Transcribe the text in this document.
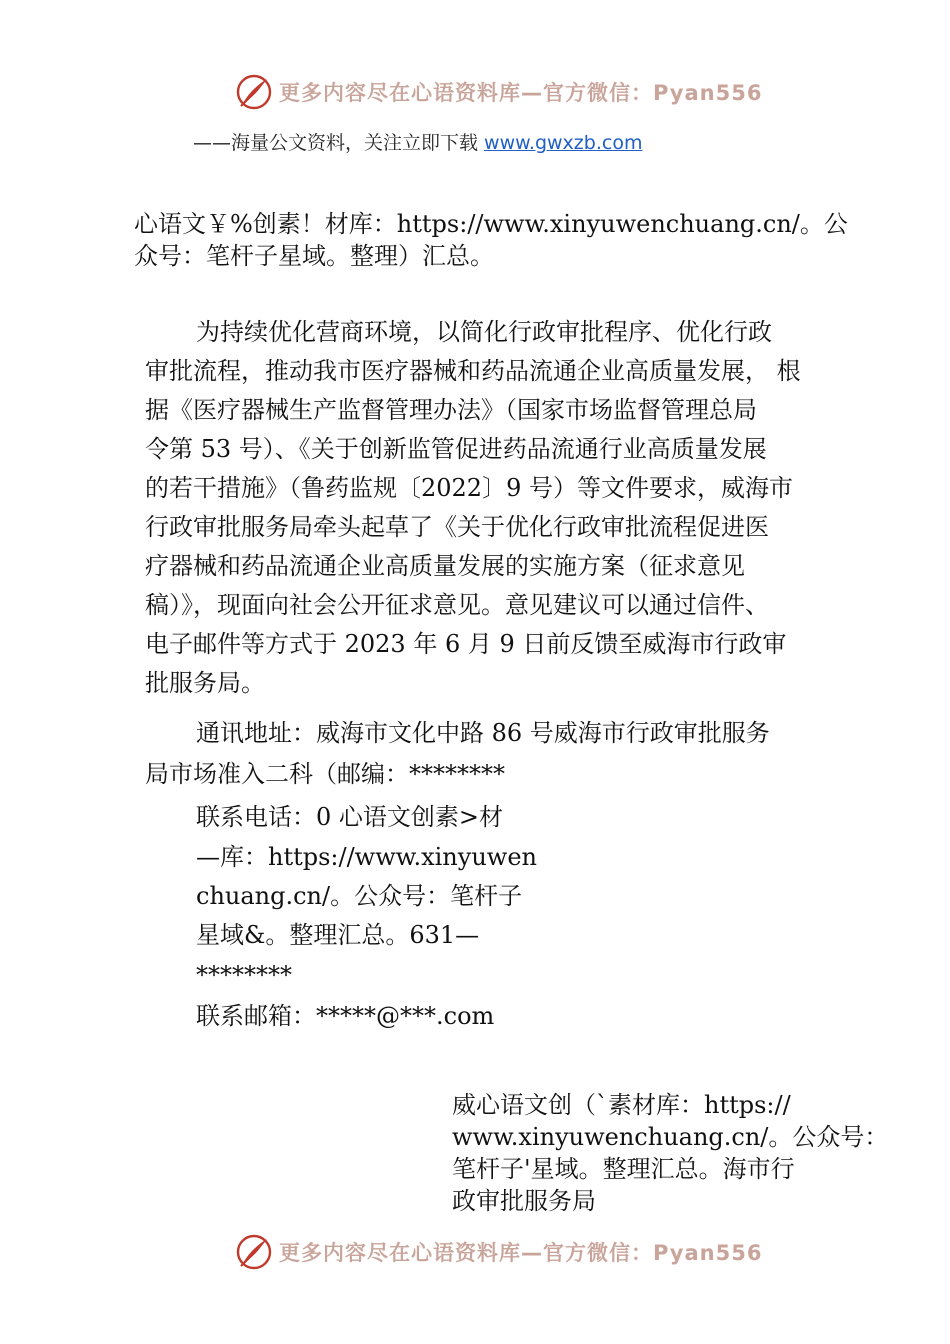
更多内容尽在心语资料库—官方微信：Pyan556
——海量公文资料，关注立即下载 www.gwxzb.com
心语文￥%创素！材库：https://www.xinyuwenchuang.cn/。公
众号：笔杆子星域。整理）汇总。
为持续优化营商环境，以简化行政审批程序、优化行政
审批流程，推动我市医疗器械和药品流通企业高质量发展， 根
据《医疗器械生产监督管理办法》（国家市场监督管理总局
令第 53 号）、《关于创新监管促进药品流通行业高质量发展
的若干措施》（鲁药监规〔2022〕9 号）等文件要求，威海市
行政审批服务局牵头起草了《关于优化行政审批流程促进医
疗器械和药品流通企业高质量发展的实施方案（征求意见
稿）》，现面向社会公开征求意见。意见建议可以通过信件、
电子邮件等方式于 2023 年 6 月 9 日前反馈至威海市行政审
批服务局。
通讯地址：威海市文化中路 86 号威海市行政审批服务
局市场准入二科（邮编：********
联系电话：0 心语文创素>材
—库：https://www.xinyuwen
chuang.cn/。公众号：笔杆子
星域&。整理汇总。631—
********
联系邮箱：*****@***.com
威心语文创（`素材库：https://
www.xinyuwenchuang.cn/。公众号：
笔杆子'星域。整理汇总。海市行
政审批服务局
更多内容尽在心语资料库—官方微信：Pyan556
